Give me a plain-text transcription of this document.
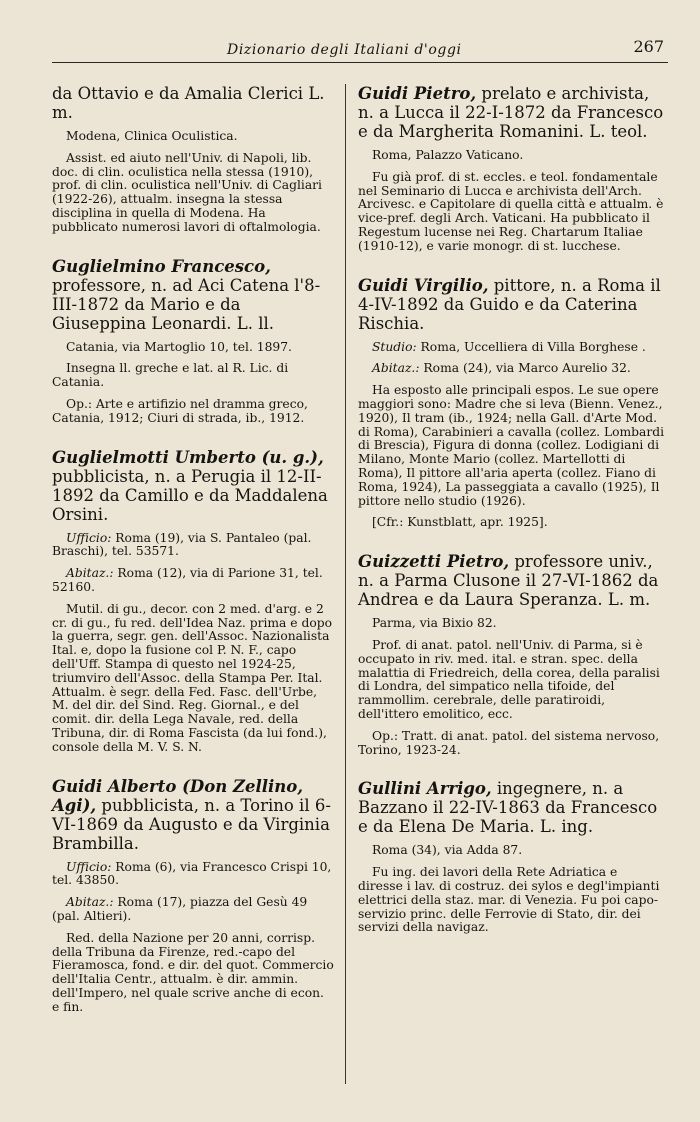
Dizionario degli Italiani d'oggi	267

da Ottavio e da Amalia Clerici L. m.

Modena, Clinica Oculistica.

Assist. ed aiuto nell'Univ. di Napoli, lib. doc. di clin. oculistica nella stessa (1910), prof. di clin. oculistica nell'Univ. di Cagliari (1922-26), attualm. insegna la stessa disciplina in quella di Modena. Ha pubblicato numerosi lavori di oftalmologia.

Guglielmino Francesco, professore, n. ad Aci Catena l'8-III-1872 da Mario e da Giuseppina Leonardi. L. ll.

Catania, via Martoglio 10, tel. 1897.

Insegna ll. greche e lat. al R. Lic. di Catania.

Op.: Arte e artifizio nel dramma greco, Catania, 1912; Ciuri di strada, ib., 1912.

Guglielmotti Umberto (u. g.), pubblicista, n. a Perugia il 12-II-1892 da Camillo e da Maddalena Orsini.

Ufficio: Roma (19), via S. Pantaleo (pal. Braschi), tel. 53571.

Abitaz.: Roma (12), via di Parione 31, tel. 52160.

Mutil. di gu., decor. con 2 med. d'arg. e 2 cr. di gu., fu red. dell'Idea Naz. prima e dopo la guerra, segr. gen. dell'Assoc. Nazionalista Ital. e, dopo la fusione col P. N. F., capo dell'Uff. Stampa di questo nel 1924-25, triumviro dell'Assoc. della Stampa Per. Ital. Attualm. è segr. della Fed. Fasc. dell'Urbe, M. del dir. del Sind. Reg. Giornal., e del comit. dir. della Lega Navale, red. della Tribuna, dir. di Roma Fascista (da lui fond.), console della M. V. S. N.

Guidi Alberto (Don Zellino, Agi), pubblicista, n. a Torino il 6-VI-1869 da Augusto e da Virginia Brambilla.

Ufficio: Roma (6), via Francesco Crispi 10, tel. 43850.

Abitaz.: Roma (17), piazza del Gesù 49 (pal. Altieri).

Red. della Nazione per 20 anni, corrisp. della Tribuna da Firenze, red.-capo del Fieramosca, fond. e dir. del quot. Commercio dell'Italia Centr., attualm. è dir. ammin. dell'Impero, nel quale scrive anche di econ. e fin.

Guidi Pietro, prelato e archivista, n. a Lucca il 22-I-1872 da Francesco e da Margherita Romanini. L. teol.

Roma, Palazzo Vaticano.

Fu già prof. di st. eccles. e teol. fondamentale nel Seminario di Lucca e archivista dell'Arch. Arcivesc. e Capitolare di quella città e attualm. è vice-pref. degli Arch. Vaticani. Ha pubblicato il Regestum lucense nei Reg. Chartarum Italiae (1910-12), e varie monogr. di st. lucchese.

Guidi Virgilio, pittore, n. a Roma il 4-IV-1892 da Guido e da Caterina Rischia.

Studio: Roma, Uccelliera di Villa Borghese .

Abitaz.: Roma (24), via Marco Aurelio 32.

Ha esposto alle principali espos. Le sue opere maggiori sono: Madre che si leva (Bienn. Venez., 1920), Il tram (ib., 1924; nella Gall. d'Arte Mod. di Roma), Carabinieri a cavalla (collez. Lombardi di Brescia), Figura di donna (collez. Lodigiani di Milano, Monte Mario (collez. Martellotti di Roma), Il pittore all'aria aperta (collez. Fiano di Roma, 1924), La passeggiata a cavallo (1925), Il pittore nello studio (1926).

[Cfr.: Kunstblatt, apr. 1925].

Guizzetti Pietro, professore univ., n. a Parma Clusone il 27-VI-1862 da Andrea e da Laura Speranza. L. m.

Parma, via Bixio 82.

Prof. di anat. patol. nell'Univ. di Parma, si è occupato in riv. med. ital. e stran. spec. della malattia di Friedreich, della corea, della paralisi di Londra, del simpatico nella tifoide, del rammollim. cerebrale, delle paratiroidi, dell'ittero emolitico, ecc.

Op.: Tratt. di anat. patol. del sistema nervoso, Torino, 1923-24.

Gullini Arrigo, ingegnere, n. a Bazzano il 22-IV-1863 da Francesco e da Elena De Maria. L. ing.

Roma (34), via Adda 87.

Fu ing. dei lavori della Rete Adriatica e diresse i lav. di costruz. dei sylos e degl'impianti elettrici della staz. mar. di Venezia. Fu poi capo-servizio princ. delle Ferrovie di Stato, dir. dei servizi della navigaz.
